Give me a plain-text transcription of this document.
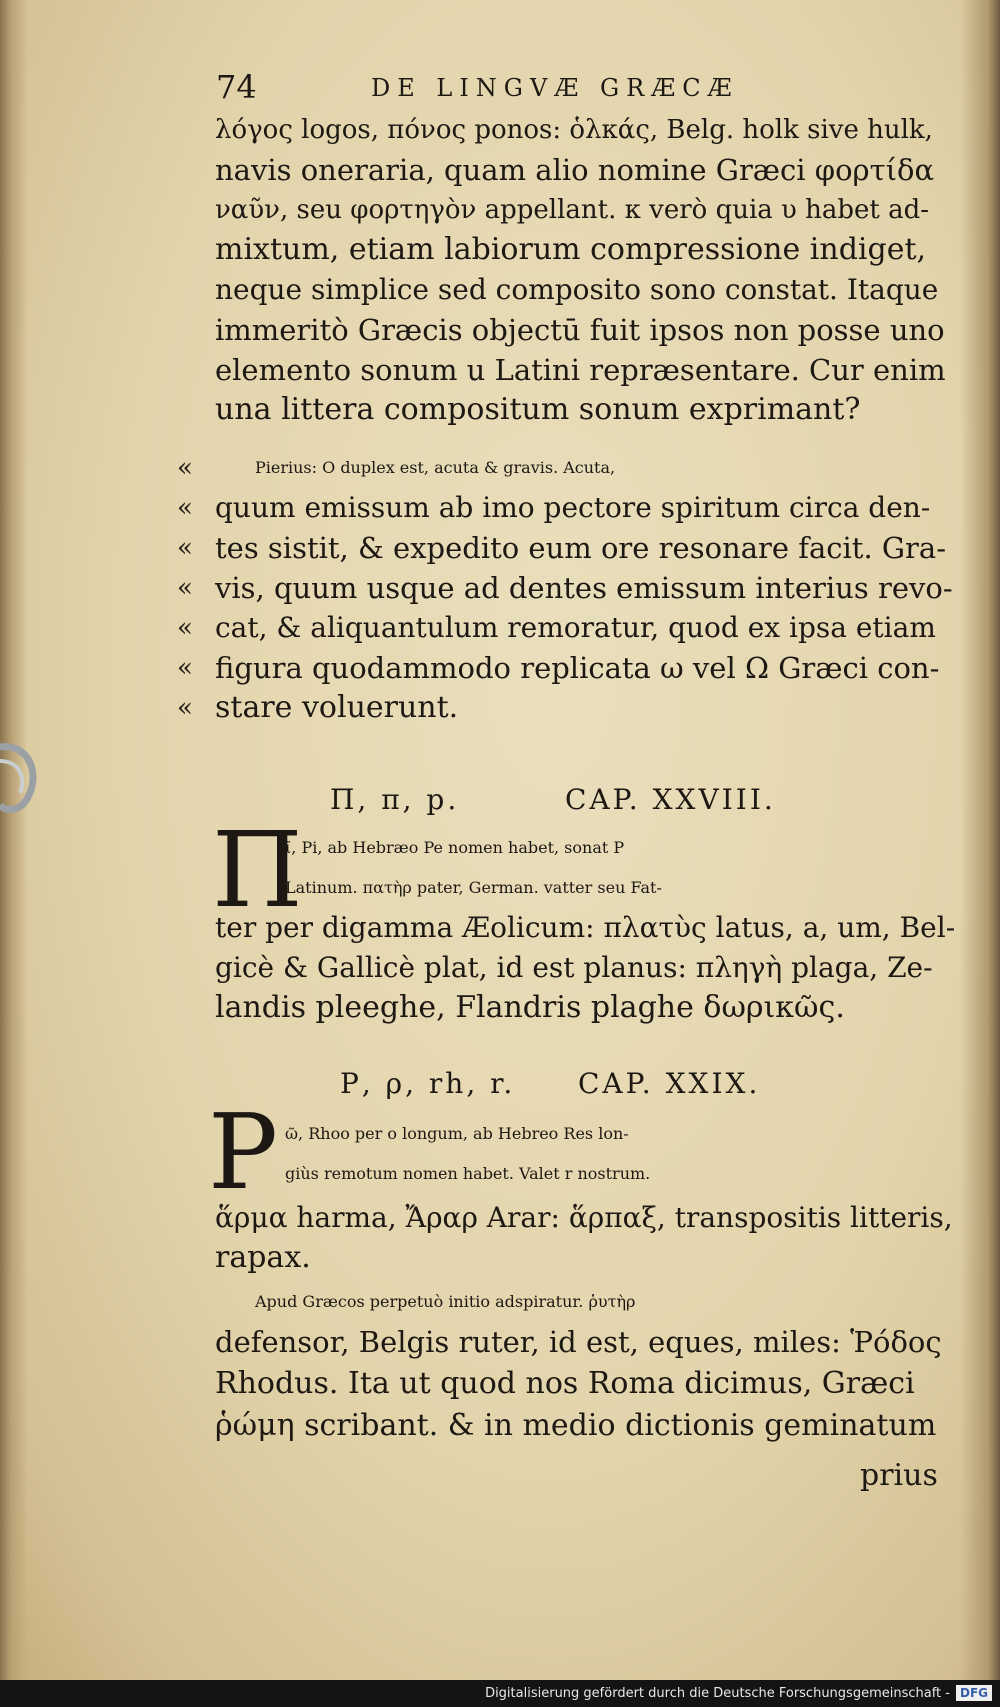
74	DE LINGVÆ GRÆCÆ
λόγος logos, πόνος ponos: ὁλκάς, Belg. holk sive hulk,
navis oneraria, quam alio nomine Græci φορτίδα
ναῦν, seu φορτηγὸν appellant. κ verò quia υ habet ad-
mixtum, etiam labiorum compressione indiget,
neque simplice sed composito sono constat. Itaque
immeritò Græcis objectū fuit ipsos non posse uno
elemento sonum u Latini repræsentare. Cur enim
una littera compositum sonum exprimant?
«	Pierius: O duplex est, acuta & gravis. Acuta,
« quum emissum ab imo pectore spiritum circa den-
« tes sistit, & expedito eum ore resonare facit. Gra-
« vis, quum usque ad dentes emissum interius revo-
« cat, & aliquantulum remoratur, quod ex ipsa etiam
« figura quodammodo replicata ω vel Ω Græci con-
« stare voluerunt.
Π, π, p.	CAP. XXVIII.
Π
ῖ, Pi, ab Hebræo Pe nomen habet, sonat P
Latinum. πατὴρ pater, German. vatter seu Fat-
ter per digamma Æolicum: πλατὺς latus, a, um, Bel-
gicè & Gallicè plat, id est planus: πληγὴ plaga, Ze-
landis pleeghe, Flandris plaghe δωρικῶς.
Ρ, ρ, rh, r. CAP. XXIX.
Ρ ῶ, Rhoo per o longum, ab Hebreo Res lon-
giùs remotum nomen habet. Valet r nostrum.
ἅρμα harma, Ἄραρ Arar: ἅρπαξ, transpositis litteris,
rapax.
Apud Græcos perpetuò initio adspiratur. ῥυτὴρ
defensor, Belgis ruter, id est, eques, miles: Ῥόδος
Rhodus. Ita ut quod nos Roma dicimus, Græci
ῥώμη scribant. & in medio dictionis geminatum
prius
Digitalisierung gefördert durch die Deutsche Forschungsgemeinschaft - DFG
